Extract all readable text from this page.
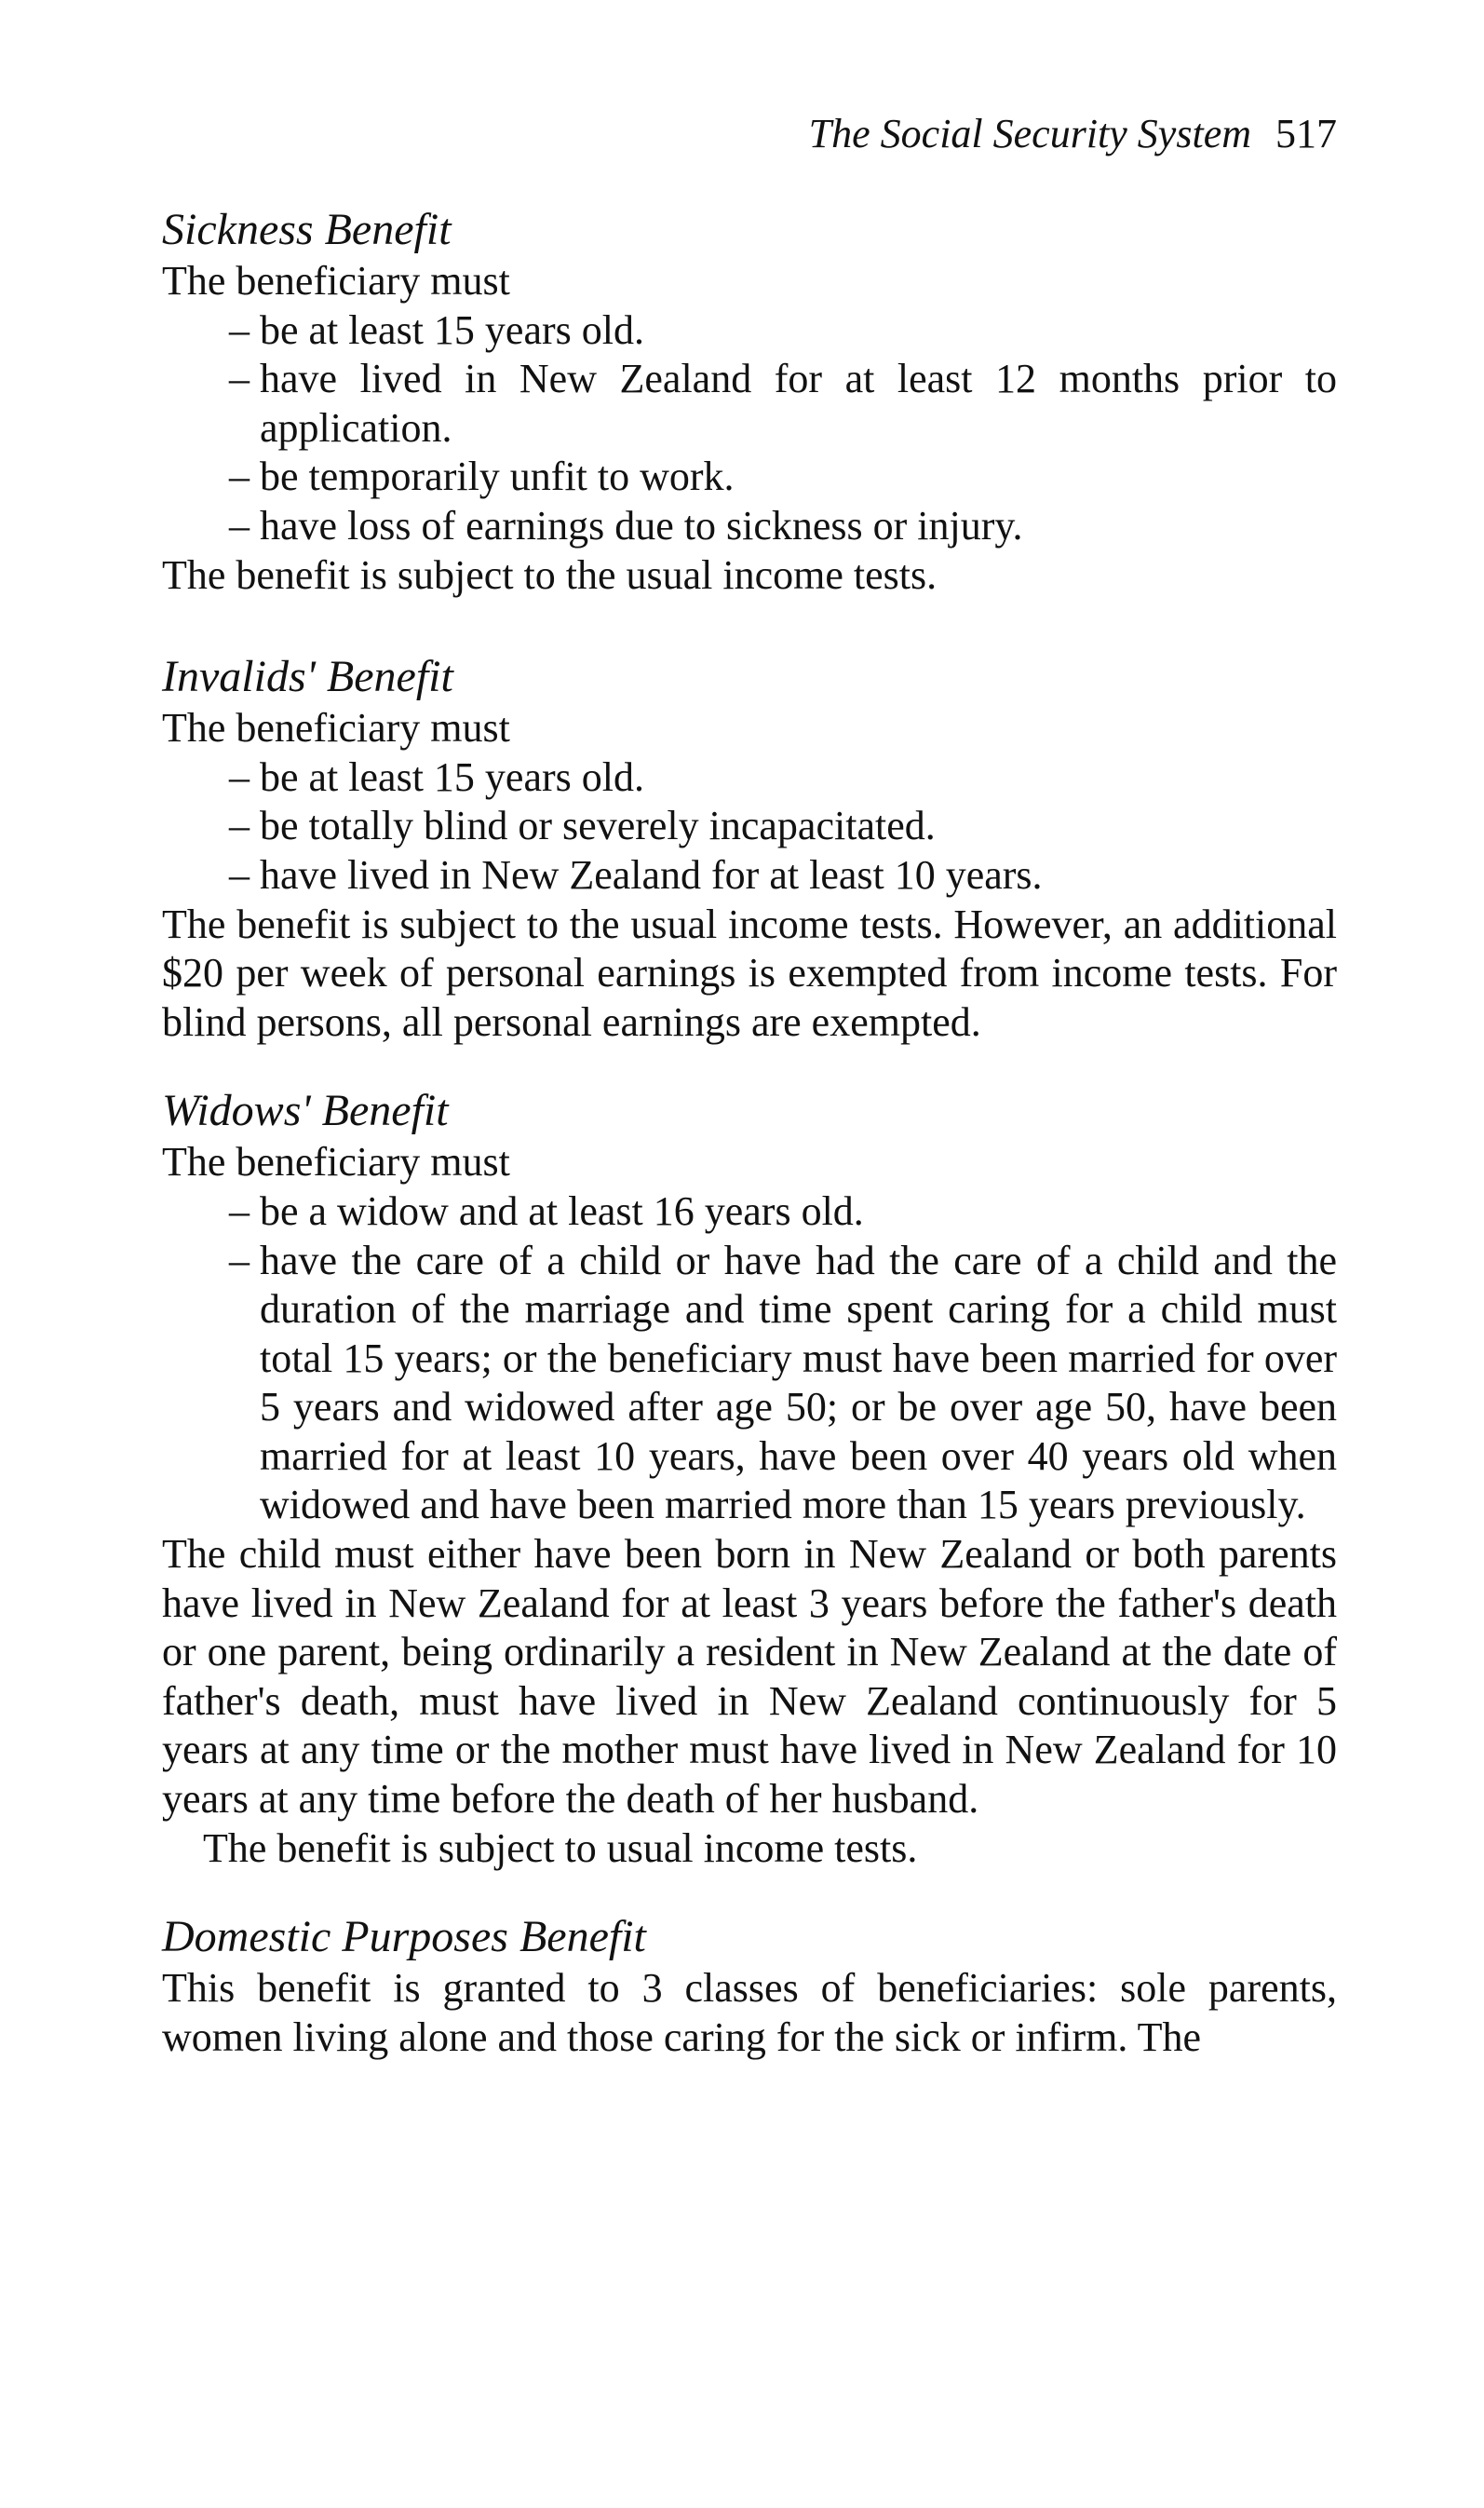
The Social Security System 517
Sickness Benefit
The beneficiary must
– be at least 15 years old.
– have lived in New Zealand for at least 12 months prior to application.
– be temporarily unfit to work.
– have loss of earnings due to sickness or injury.
The benefit is subject to the usual income tests.
Invalids' Benefit
The beneficiary must
– be at least 15 years old.
– be totally blind or severely incapacitated.
– have lived in New Zealand for at least 10 years.
The benefit is subject to the usual income tests. However, an additional $20 per week of personal earnings is exempted from income tests. For blind persons, all personal earnings are exempted.
Widows' Benefit
The beneficiary must
– be a widow and at least 16 years old.
– have the care of a child or have had the care of a child and the duration of the marriage and time spent caring for a child must total 15 years; or the beneficiary must have been married for over 5 years and widowed after age 50; or be over age 50, have been married for at least 10 years, have been over 40 years old when widowed and have been married more than 15 years previously.
The child must either have been born in New Zealand or both parents have lived in New Zealand for at least 3 years before the father's death or one parent, being ordinarily a resident in New Zealand at the date of father's death, must have lived in New Zealand continuously for 5 years at any time or the mother must have lived in New Zealand for 10 years at any time before the death of her husband.
The benefit is subject to usual income tests.
Domestic Purposes Benefit
This benefit is granted to 3 classes of beneficiaries: sole parents, women living alone and those caring for the sick or infirm. The
